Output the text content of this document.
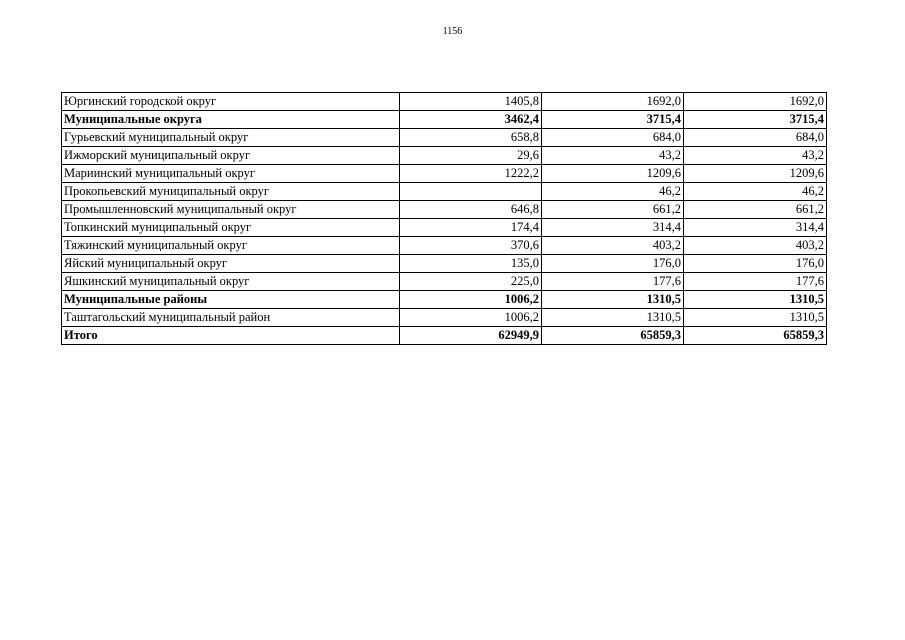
1156
Юргинский городской округ	1405,8	1692,0	1692,0
Муниципальные округа	3462,4	3715,4	3715,4
Гурьевский муниципальный округ	658,8	684,0	684,0
Ижморский муниципальный округ	29,6	43,2	43,2
Мариинский муниципальный округ	1222,2	1209,6	1209,6
Прокопьевский муниципальный округ		46,2	46,2
Промышленновский муниципальный округ	646,8	661,2	661,2
Топкинский муниципальный округ	174,4	314,4	314,4
Тяжинский муниципальный округ	370,6	403,2	403,2
Яйский муниципальный округ	135,0	176,0	176,0
Яшкинский муниципальный округ	225,0	177,6	177,6
Муниципальные районы	1006,2	1310,5	1310,5
Таштагольский муниципальный район	1006,2	1310,5	1310,5
Итого	62949,9	65859,3	65859,3
